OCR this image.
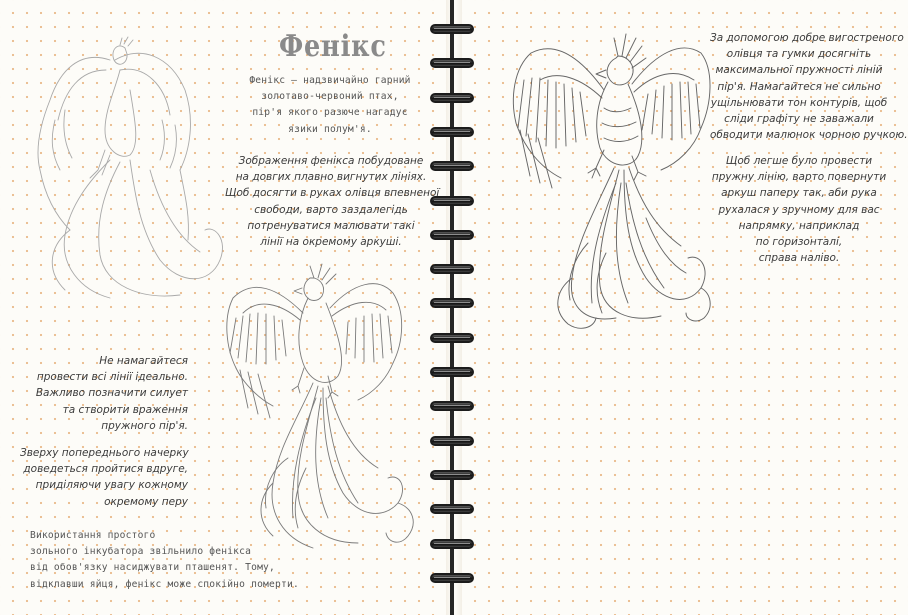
Фенікс
Фенікс — надзвичайно гарний
золотаво-червоний птах,
пір'я якого разюче нагадує
язики полум'я.
Зображення фенікса побудоване
на довгих плавно вигнутих лініях.
Щоб досягти в руках олівця впевненої
свободи, варто заздалегідь
потренуватися малювати такі
лінії на окремому аркуші.
Не намагайтеся
провести всі лінії ідеально.
Важливо позначити силует
та створити враження
пружного пір'я.
Зверху попереднього начерку
доведеться пройтися вдруге,
приділяючи увагу кожному
окремому перу
Використання простого
зольного інкубатора звільнило фенікса
від обов'язку насиджувати пташенят. Тому,
відклавши яйця, фенікс може спокійно померти.
За допомогою добре вигостреного
олівця та гумки досягніть
максимальної пружності ліній
пір'я. Намагайтеся не сильно
ущільнювати тон контурів, щоб
сліди графіту не заважали
обводити малюнок чорною ручкою.
Щоб легше було провести
пружну лінію, варто повернути
аркуш паперу так, аби рука
рухалася у зручному для вас
напрямку, наприклад
по горизонталі,
справа наліво.
